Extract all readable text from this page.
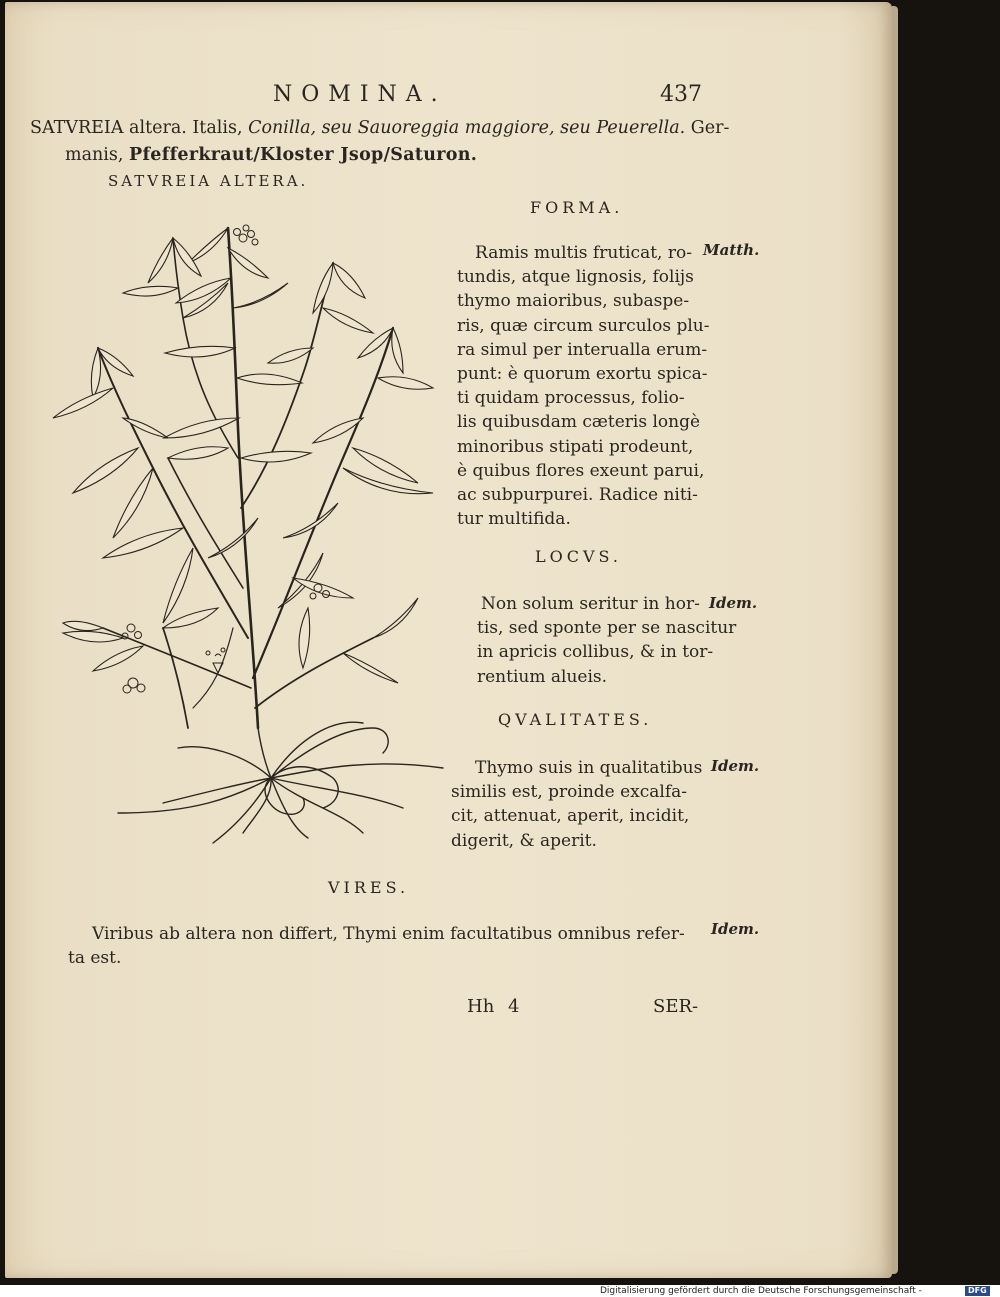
NOMINA.	437
SATVREIA altera. Italis, Conilla, seu Sauoreggia maggiore, seu Peuerella. Ger-
manis, Pfefferkraut/Kloster Jsop/Saturon.
SATVREIA ALTERA.
FORMA.
Ramis multis fruticat, ro-
tundis, atque lignosis, folijs
thymo maioribus, subaspe-
ris, quæ circum surculos plu-
ra simul per interualla erum-
punt: è quorum exortu spica-
ti quidam processus, folio-
lis quibusdam cæteris longè
minoribus stipati prodeunt,
è quibus flores exeunt parui,
ac subpurpurei. Radice niti-
tur multifida.
Matth.
LOCVS.
Non solum seritur in hor-
tis, sed sponte per se nascitur
in apricis collibus, & in tor-
rentium alueis.
Idem.
QVALITATES.
Thymo suis in qualitatibus
similis est, proinde excalfa-
cit, attenuat, aperit, incidit,
digerit, & aperit.
Idem.
VIRES.
Viribus ab altera non differt, Thymi enim facultatibus omnibus refer-
ta est.
Idem.
Hh 4	SER-
Digitalisierung gefördert durch die Deutsche Forschungsgemeinschaft -	DFG
